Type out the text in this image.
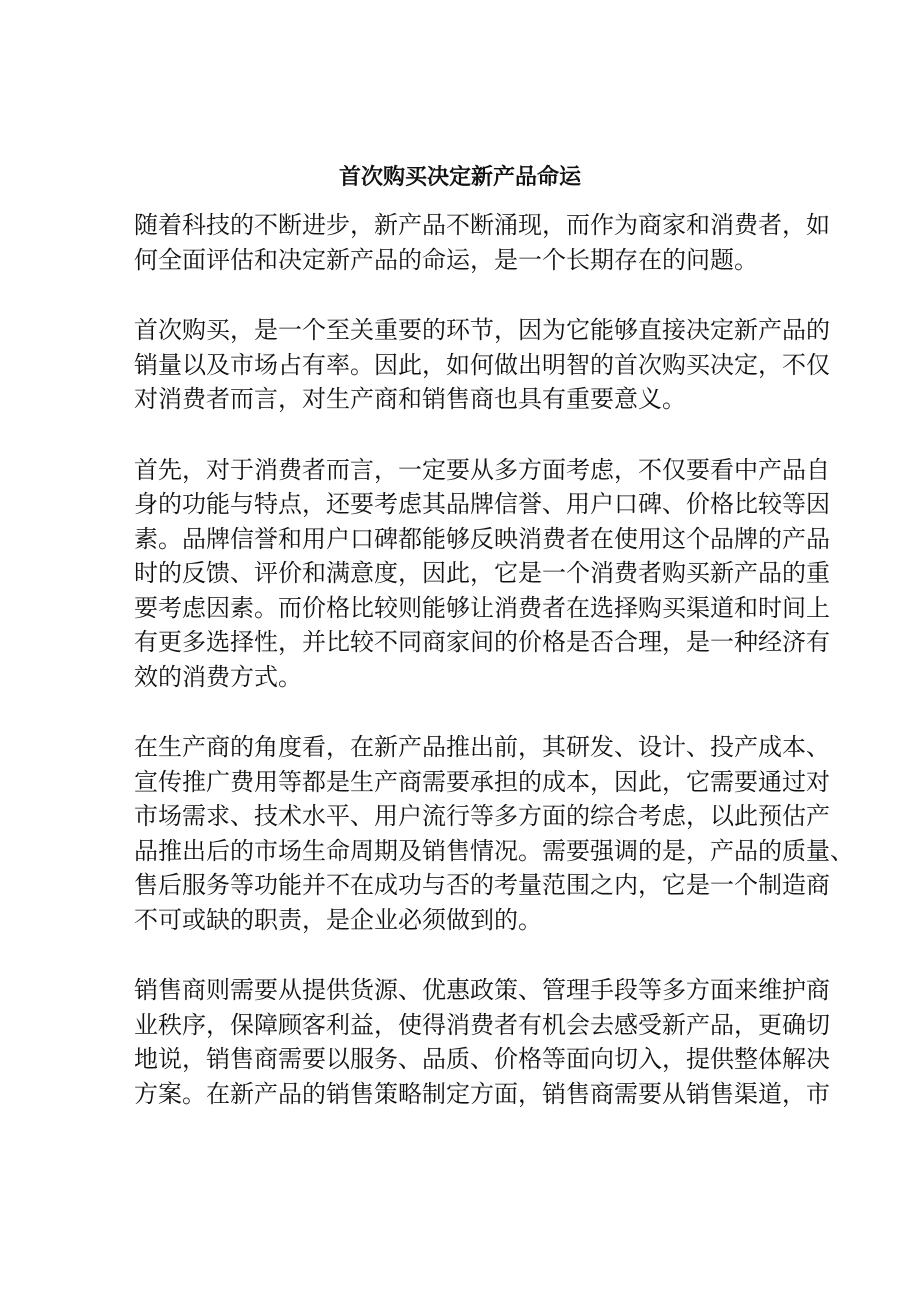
首次购买决定新产品命运

随着科技的不断进步，新产品不断涌现，而作为商家和消费者，如
何全面评估和决定新产品的命运，是一个长期存在的问题。

首次购买，是一个至关重要的环节，因为它能够直接决定新产品的
销量以及市场占有率。因此，如何做出明智的首次购买决定，不仅
对消费者而言，对生产商和销售商也具有重要意义。

首先，对于消费者而言，一定要从多方面考虑，不仅要看中产品自
身的功能与特点，还要考虑其品牌信誉、用户口碑、价格比较等因
素。品牌信誉和用户口碑都能够反映消费者在使用这个品牌的产品
时的反馈、评价和满意度，因此，它是一个消费者购买新产品的重
要考虑因素。而价格比较则能够让消费者在选择购买渠道和时间上
有更多选择性，并比较不同商家间的价格是否合理，是一种经济有
效的消费方式。

在生产商的角度看，在新产品推出前，其研发、设计、投产成本、
宣传推广费用等都是生产商需要承担的成本，因此，它需要通过对
市场需求、技术水平、用户流行等多方面的综合考虑，以此预估产
品推出后的市场生命周期及销售情况。需要强调的是，产品的质量、
售后服务等功能并不在成功与否的考量范围之内，它是一个制造商
不可或缺的职责，是企业必须做到的。

销售商则需要从提供货源、优惠政策、管理手段等多方面来维护商
业秩序，保障顾客利益，使得消费者有机会去感受新产品，更确切
地说，销售商需要以服务、品质、价格等面向切入，提供整体解决
方案。在新产品的销售策略制定方面，销售商需要从销售渠道，市
